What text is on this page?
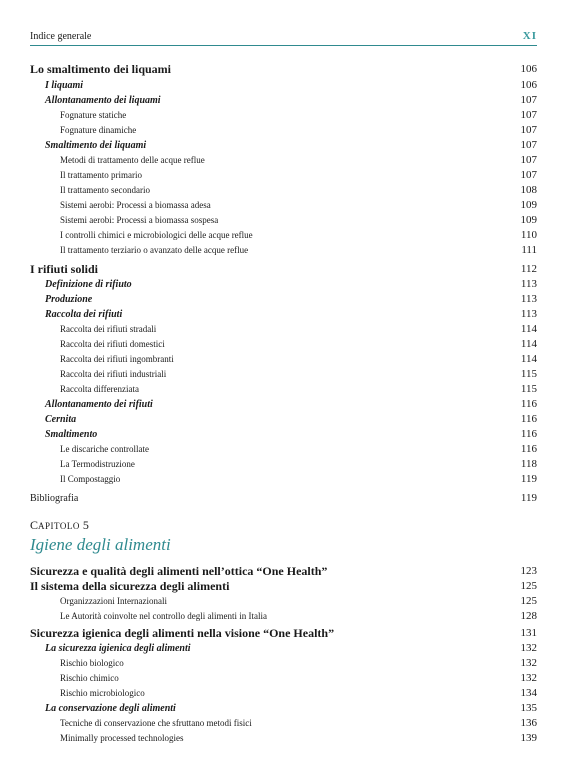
Indice generale	XI
Lo smaltimento dei liquami	106
I liquami	106
Allontanamento dei liquami	107
Fognature statiche	107
Fognature dinamiche	107
Smaltimento dei liquami	107
Metodi di trattamento delle acque reflue	107
Il trattamento primario	107
Il trattamento secondario	108
Sistemi aerobi: Processi a biomassa adesa	109
Sistemi aerobi: Processi a biomassa sospesa	109
I controlli chimici e microbiologici delle acque reflue	110
Il trattamento terziario o avanzato delle acque reflue	111
I rifiuti solidi	112
Definizione di rifiuto	113
Produzione	113
Raccolta dei rifiuti	113
Raccolta dei rifiuti stradali	114
Raccolta dei rifiuti domestici	114
Raccolta dei rifiuti ingombranti	114
Raccolta dei rifiuti industriali	115
Raccolta differenziata	115
Allontanamento dei rifiuti	116
Cernita	116
Smaltimento	116
Le discariche controllate	116
La Termodistruzione	118
Il Compostaggio	119
Bibliografia	119
CAPITOLO 5
Igiene degli alimenti
Sicurezza e qualità degli alimenti nell’ottica “One Health”	123
Il sistema della sicurezza degli alimenti	125
Organizzazioni Internazionali	125
Le Autorità coinvolte nel controllo degli alimenti in Italia	128
Sicurezza igienica degli alimenti nella visione “One Health”	131
La sicurezza igienica degli alimenti	132
Rischio biologico	132
Rischio chimico	132
Rischio microbiologico	134
La conservazione degli alimenti	135
Tecniche di conservazione che sfruttano metodi fisici	136
Minimally processed technologies	139
